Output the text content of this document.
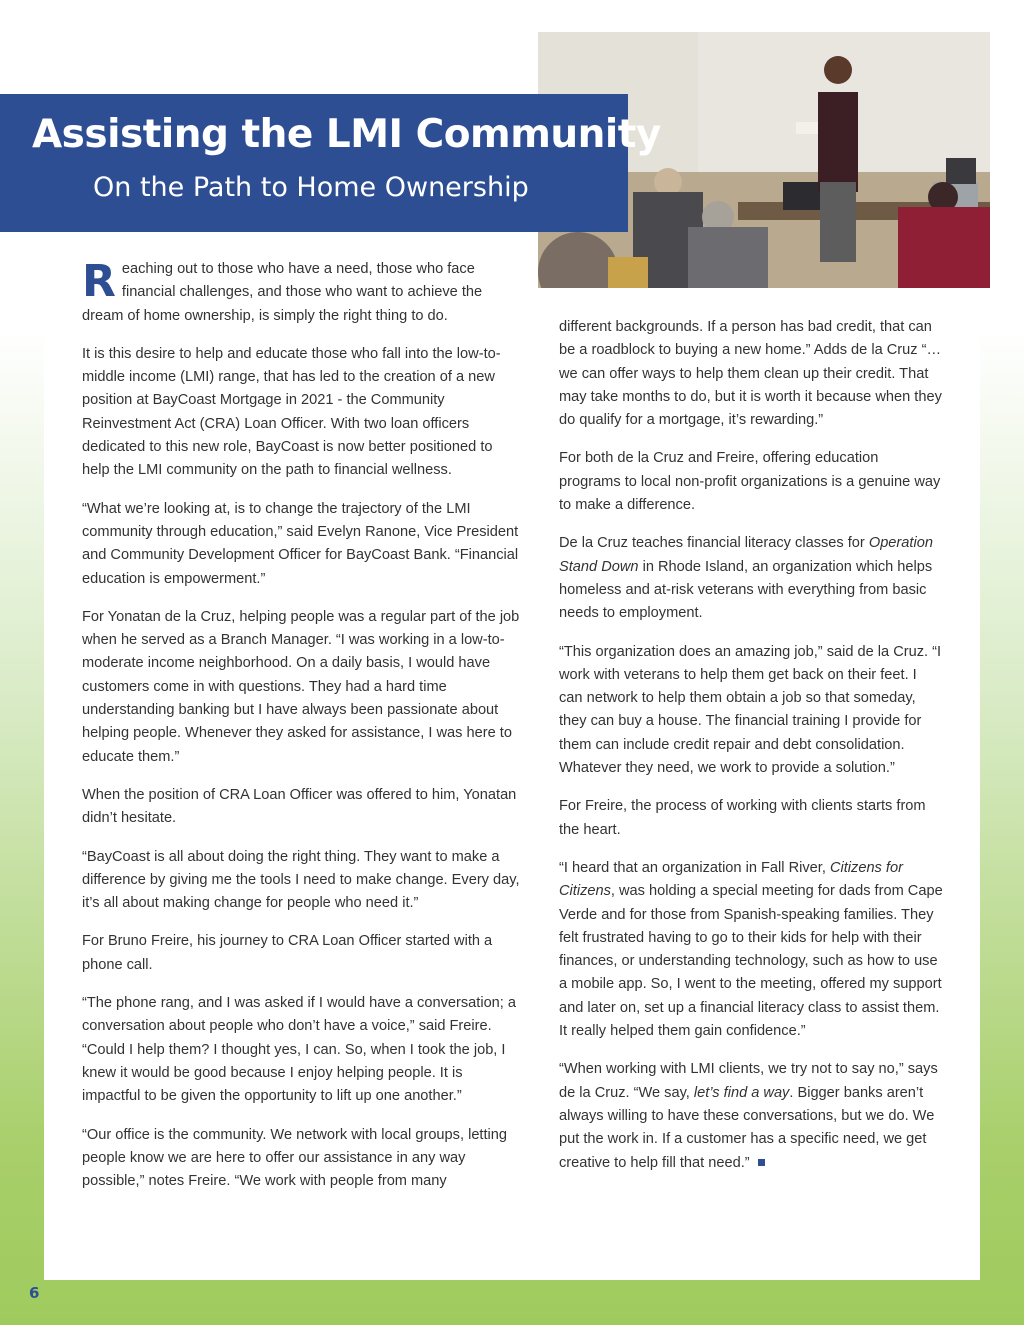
Assisting the LMI Community
On the Path to Home Ownership

Reaching out to those who have a need, those who face financial challenges, and those who want to achieve the dream of home ownership, is simply the right thing to do.

It is this desire to help and educate those who fall into the low-to-middle income (LMI) range, that has led to the creation of a new position at BayCoast Mortgage in 2021 - the Community Reinvestment Act (CRA) Loan Officer. With two loan officers dedicated to this new role, BayCoast is now better positioned to help the LMI community on the path to financial wellness.

“What we’re looking at, is to change the trajectory of the LMI community through education,” said Evelyn Ranone, Vice President and Community Development Officer for BayCoast Bank. “Financial education is empowerment.”

For Yonatan de la Cruz, helping people was a regular part of the job when he served as a Branch Manager. “I was working in a low-to-moderate income neighborhood. On a daily basis, I would have customers come in with questions. They had a hard time understanding banking but I have always been passionate about helping people. Whenever they asked for assistance, I was here to educate them.”

When the position of CRA Loan Officer was offered to him, Yonatan didn’t hesitate.

“BayCoast is all about doing the right thing. They want to make a difference by giving me the tools I need to make change. Every day, it’s all about making change for people who need it.”

For Bruno Freire, his journey to CRA Loan Officer started with a phone call.

“The phone rang, and I was asked if I would have a conversation; a conversation about people who don’t have a voice,” said Freire. “Could I help them? I thought yes, I can. So, when I took the job, I knew it would be good because I enjoy helping people. It is impactful to be given the opportunity to lift up one another.”

“Our office is the community. We network with local groups, letting people know we are here to offer our assistance in any way possible,” notes Freire. “We work with people from many

different backgrounds. If a person has bad credit, that can be a roadblock to buying a new home.” Adds de la Cruz “…we can offer ways to help them clean up their credit. That may take months to do, but it is worth it because when they do qualify for a mortgage, it’s rewarding.”

For both de la Cruz and Freire, offering education programs to local non-profit organizations is a genuine way to make a difference.

De la Cruz teaches financial literacy classes for Operation Stand Down in Rhode Island, an organization which helps homeless and at-risk veterans with everything from basic needs to employment.

“This organization does an amazing job,” said de la Cruz. “I work with veterans to help them get back on their feet. I can network to help them obtain a job so that someday, they can buy a house. The financial training I provide for them can include credit repair and debt consolidation. Whatever they need, we work to provide a solution.”

For Freire, the process of working with clients starts from the heart.

“I heard that an organization in Fall River, Citizens for Citizens, was holding a special meeting for dads from Cape Verde and for those from Spanish-speaking families. They felt frustrated having to go to their kids for help with their finances, or understanding technology, such as how to use a mobile app. So, I went to the meeting, offered my support and later on, set up a financial literacy class to assist them. It really helped them gain confidence.”

“When working with LMI clients, we try not to say no,” says de la Cruz. “We say, let’s find a way. Bigger banks aren’t always willing to have these conversations, but we do. We put the work in. If a customer has a specific need, we get creative to help fill that need.”

6
